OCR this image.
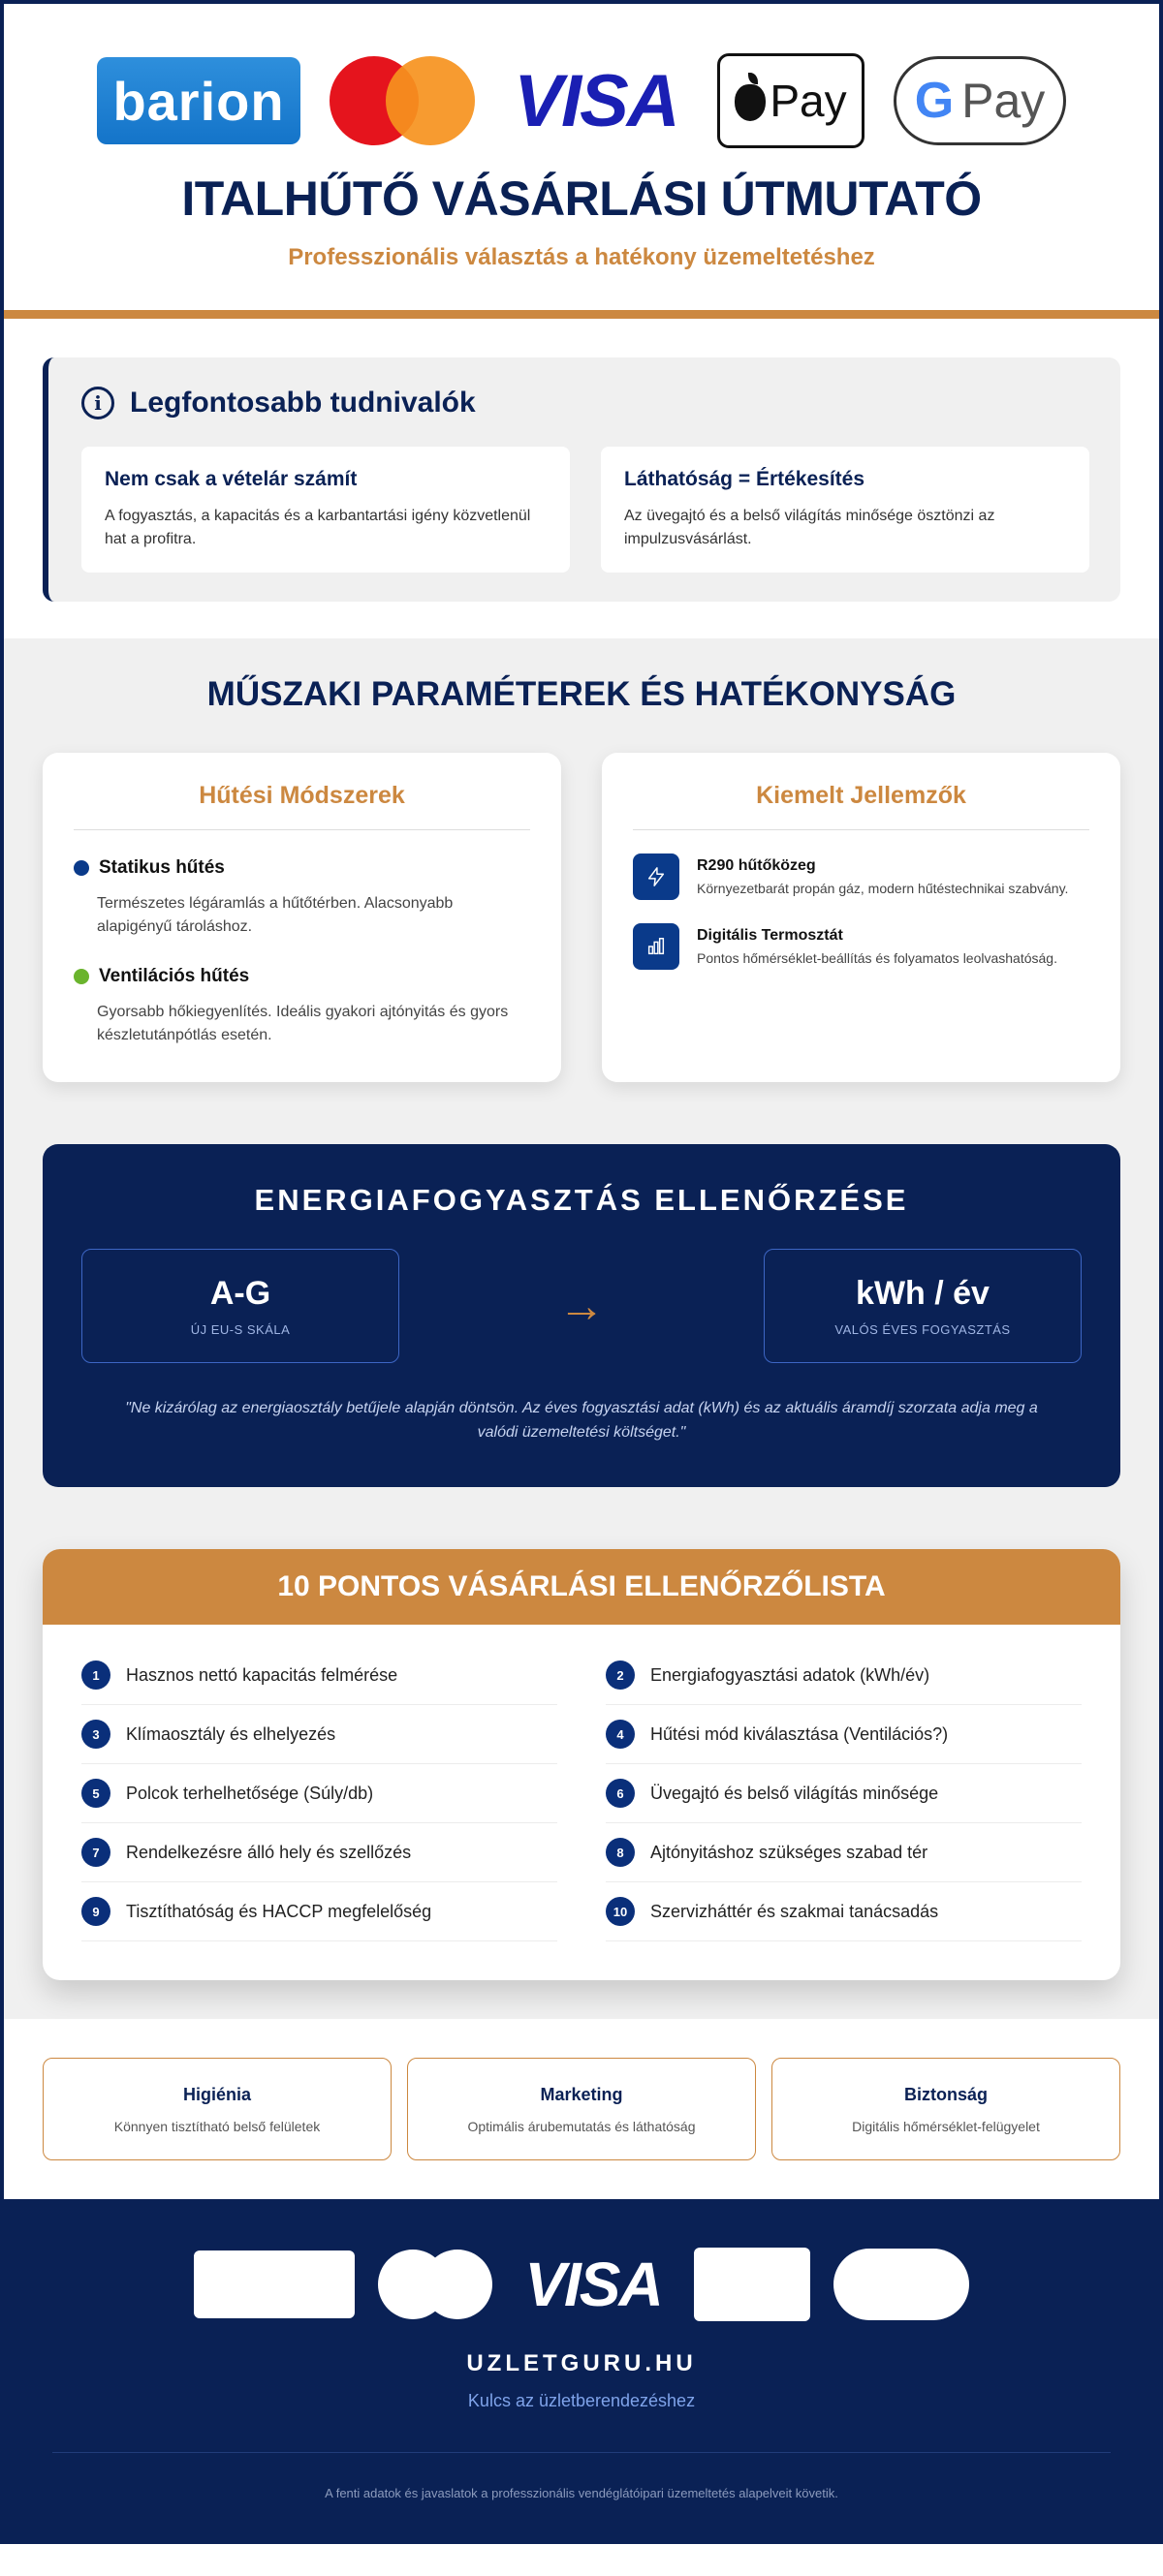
barion	VISA Pay G Pay
ITALHŰTŐ VÁSÁRLÁSI ÚTMUTATÓ
Professzionális választás a hatékony üzemeltetéshez
i Legfontosabb tudnivalók
Nem csak a vételár számít

A fogyasztás, a kapacitás és a karbantartási igény közvetlenül hat a profitra.

Láthatóság = Értékesítés

Az üvegajtó és a belső világítás minősége ösztönzi az impulzusvásárlást.

MŰSZAKI PARAMÉTEREK ÉS HATÉKONYSÁG
Hűtési Módszerek
Statikus hűtés

Természetes légáramlás a hűtőtérben. Alacsonyabb alapigényű tároláshoz.

Ventilációs hűtés

Gyorsabb hőkiegyenlítés. Ideális gyakori ajtónyitás és gyors készletutánpótlás esetén.

Kiemelt Jellemzők
R290 hűtőközeg

Környezetbarát propán gáz, modern hűtéstechnikai szabvány.

Digitális Termosztát

Pontos hőmérséklet-beállítás és folyamatos leolvashatóság.

ENERGIAFOGYASZTÁS ELLENŐRZÉSE
A-G
ÚJ EU-S SKÁLA	→	kWh / év
VALÓS ÉVES FOGYASZTÁS

"Ne kizárólag az energiaosztály betűjele alapján döntsön. Az éves fogyasztási adat (kWh) és az aktuális áramdíj szorzata adja meg a valódi üzemeltetési költséget."

10 PONTOS VÁSÁRLÁSI ELLENŐRZŐLISTA
1	Hasznos nettó kapacitás felmérése	2	Energiafogyasztási adatok (kWh/év)
3	Klímaosztály és elhelyezés	4	Hűtési mód kiválasztása (Ventilációs?)
5	Polcok terhelhetősége (Súly/db)	6	Üvegajtó és belső világítás minősége
7	Rendelkezésre álló hely és szellőzés	8	Ajtónyitáshoz szükséges szabad tér
9	Tisztíthatóság és HACCP megfelelőség	10	Szervizháttér és szakmai tanácsadás
Higiénia

Könnyen tisztítható belső felületek

Marketing

Optimális árubemutatás és láthatóság

Biztonság

Digitális hőmérséklet-felügyelet

VISA
UZLETGURU.HU
Kulcs az üzletberendezéshez

A fenti adatok és javaslatok a professzionális vendéglátóipari üzemeltetés alapelveit követik.
